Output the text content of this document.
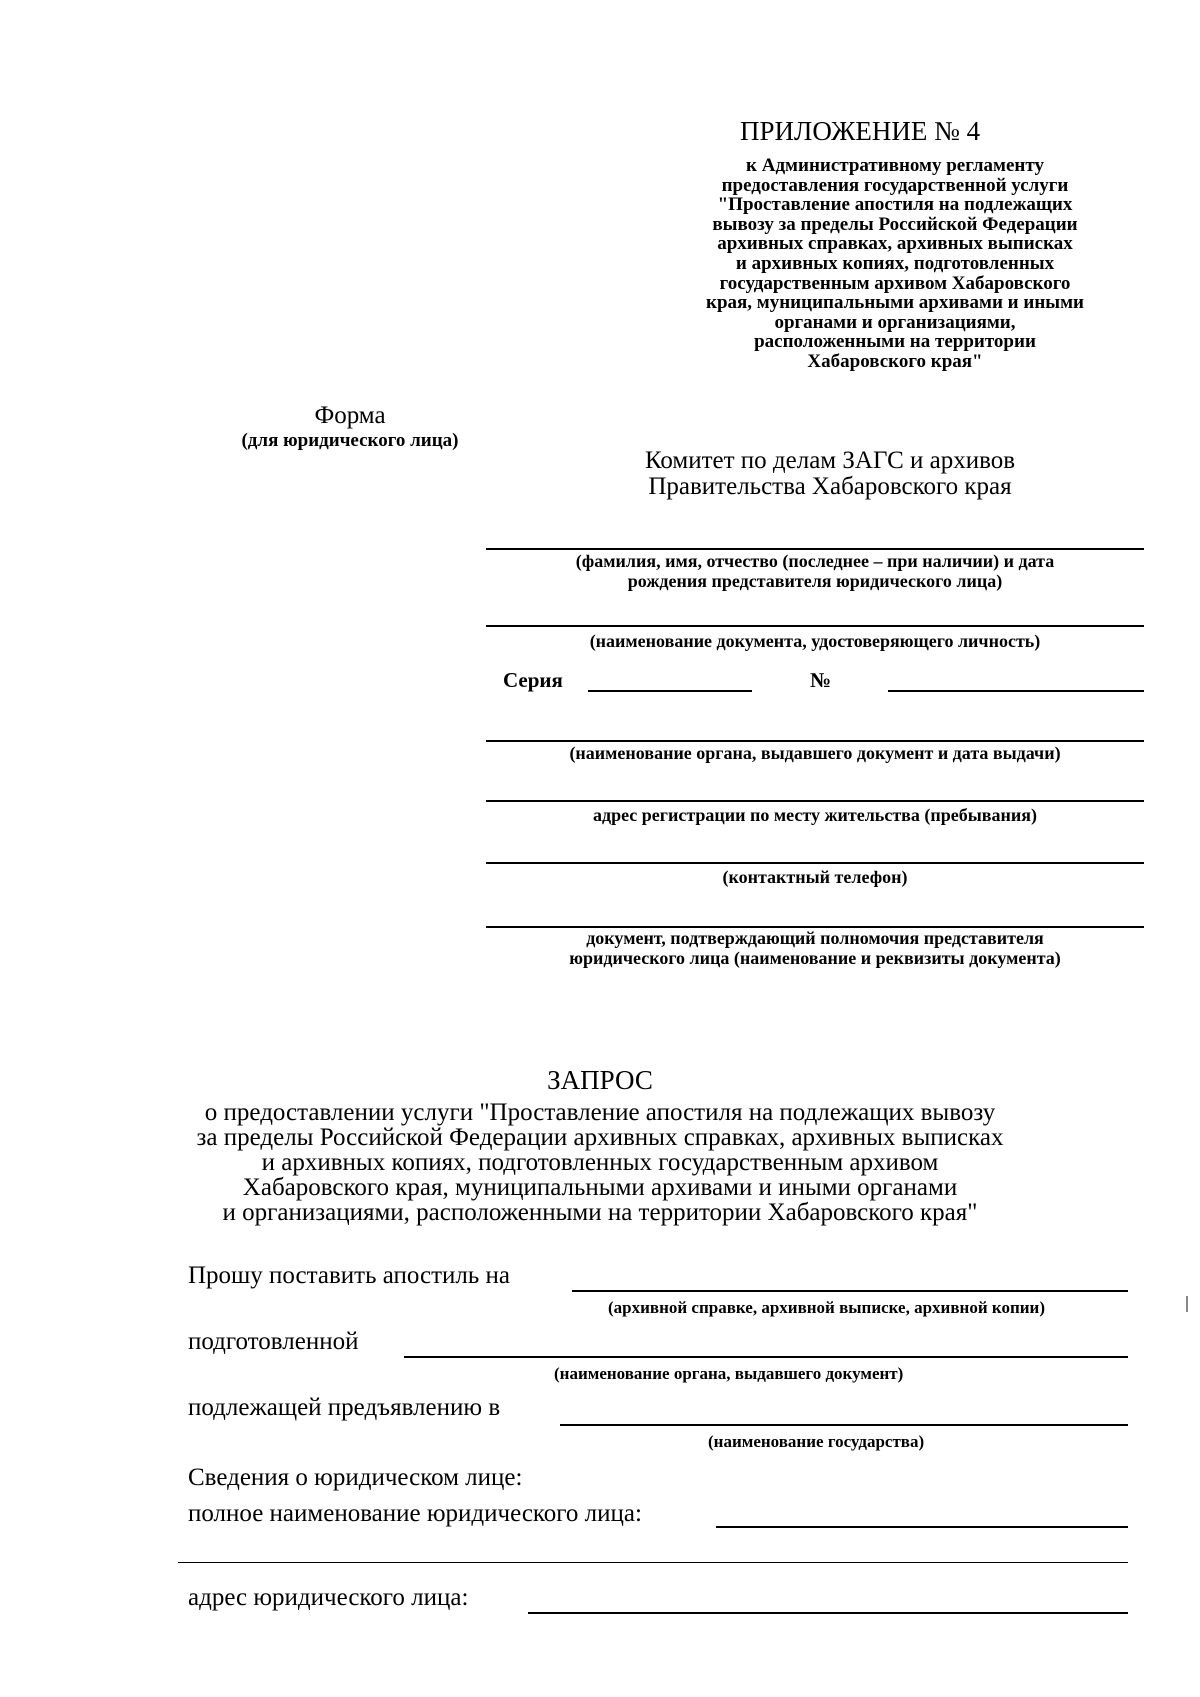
ПРИЛОЖЕНИЕ № 4
к Административному регламенту
предоставления государственной услуги
"Проставление апостиля на подлежащих
вывозу за пределы Российской Федерации
архивных справках, архивных выписках
и архивных копиях, подготовленных
государственным архивом Хабаровского
края, муниципальными архивами и иными
органами и организациями,
расположенными на территории
Хабаровского края"
Форма
(для юридического лица)
Комитет по делам ЗАГС и архивов
Правительства Хабаровского края
(фамилия, имя, отчество (последнее – при наличии) и дата
рождения представителя юридического лица)
(наименование документа, удостоверяющего личность)
Серия	№
(наименование органа, выдавшего документ и дата выдачи)
адрес регистрации по месту жительства (пребывания)
(контактный телефон)
документ, подтверждающий полномочия представителя
юридического лица (наименование и реквизиты документа)
ЗАПРОС
о предоставлении услуги "Проставление апостиля на подлежащих вывозу
за пределы Российской Федерации архивных справках, архивных выписках
и архивных копиях, подготовленных государственным архивом
Хабаровского края, муниципальными архивами и иными органами
и организациями, расположенными на территории Хабаровского края"
Прошу поставить апостиль на
(архивной справке, архивной выписке, архивной копии)
подготовленной
(наименование органа, выдавшего документ)
подлежащей предъявлению в
(наименование государства)
Сведения о юридическом лице:
полное наименование юридического лица:
адрес юридического лица:
